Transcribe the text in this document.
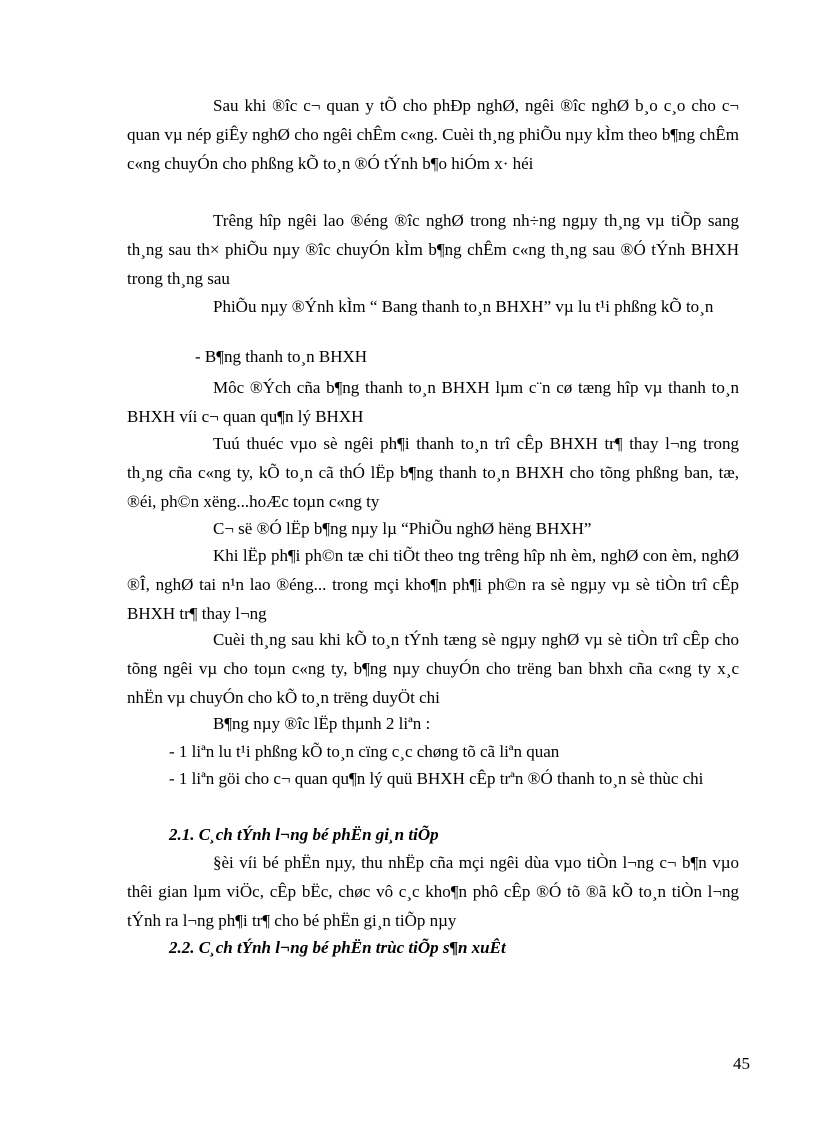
Sau khi ®îc c¬ quan y tÕ cho phÐp nghØ, ngêi ®îc nghØ b¸o c¸o cho c¬ quan vµ nép giÊy nghØ cho ngêi chÊm c«ng. Cuèi th¸ng phiÕu nµy kÌm theo b¶ng chÊm c«ng chuyÓn cho phßng kÕ to¸n ®Ó tÝnh b¶o hiÓm x· héi

Trêng hîp ngêi lao ®éng ®îc nghØ trong nh÷ng ngµy th¸ng vµ tiÕp sang th¸ng sau th× phiÕu nµy ®îc chuyÓn kÌm b¶ng chÊm c«ng th¸ng sau ®Ó tÝnh BHXH trong th¸ng sau

PhiÕu nµy ®Ýnh kÌm “ Bang thanh to¸n BHXH” vµ lu t¹i phßng kÕ to¸n

- B¶ng thanh to¸n BHXH

Môc ®Ých cña b¶ng thanh to¸n BHXH lµm c¨n cø tæng hîp vµ thanh to¸n BHXH víi c¬ quan qu¶n lý BHXH

Tuú thuéc vµo sè ngêi ph¶i thanh to¸n trî cÊp BHXH tr¶ thay l¬ng trong th¸ng cña c«ng ty, kÕ to¸n cã thÓ lËp b¶ng thanh to¸n BHXH cho tõng phßng ban, tæ, ®éi, ph©n xëng...hoÆc toµn c«ng ty

C¬ së ®Ó lËp b¶ng nµy lµ “PhiÕu nghØ hëng BHXH”

Khi lËp ph¶i ph©n tæ chi tiÕt theo tng trêng hîp nh èm, nghØ con èm, nghØ ®Î, nghØ tai n¹n lao ®éng... trong mçi kho¶n ph¶i ph©n ra sè ngµy vµ sè tiÒn trî cÊp BHXH tr¶ thay l¬ng

Cuèi th¸ng sau khi kÕ to¸n tÝnh tæng sè ngµy nghØ vµ sè tiÒn trî cÊp cho tõng ngêi vµ cho toµn c«ng ty, b¶ng nµy chuyÓn cho trëng ban bhxh cña c«ng ty x¸c nhËn vµ chuyÓn cho kÕ to¸n trëng duyÖt chi

B¶ng nµy ®îc lËp thµnh 2 liªn :

- 1 liªn lu t¹i phßng kÕ to¸n cïng c¸c chøng tõ cã liªn quan

- 1 liªn göi cho c¬ quan qu¶n lý quü BHXH cÊp trªn ®Ó thanh to¸n sè thùc chi

2.1. C¸ch tÝnh l¬ng bé phËn gi¸n tiÕp

§èi víi bé phËn nµy, thu nhËp cña mçi ngêi dùa vµo tiÒn l¬ng c¬ b¶n vµo thêi gian lµm viÖc, cÊp bËc, chøc vô c¸c kho¶n phô cÊp ®Ó tõ ®ã kÕ to¸n tiÒn l¬ng tÝnh ra l¬ng ph¶i tr¶ cho bé phËn gi¸n tiÕp nµy

2.2. C¸ch tÝnh l¬ng bé phËn trùc tiÕp s¶n xuÊt

45
